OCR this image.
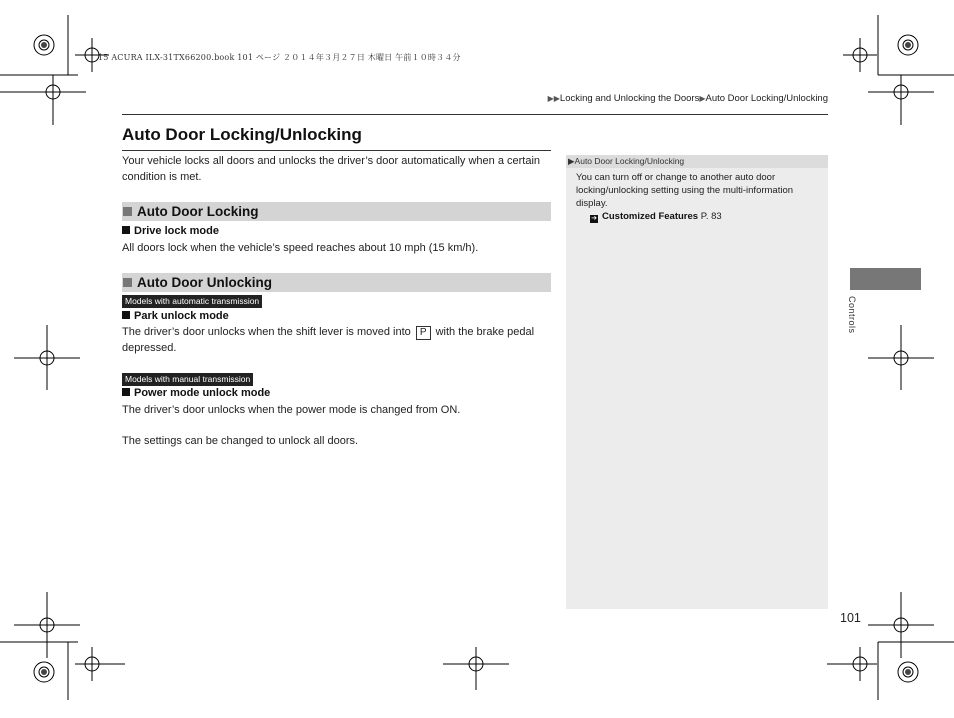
15 ACURA ILX-31TX66200.book 101 ページ ２０１４年３月２７日 木曜日 午前１０時３４分
▶▶Locking and Unlocking the Doors▶Auto Door Locking/Unlocking
Auto Door Locking/Unlocking
Your vehicle locks all doors and unlocks the driver’s door automatically when a certain condition is met.
Auto Door Locking
Drive lock mode
All doors lock when the vehicle’s speed reaches about 10 mph (15 km/h).
Auto Door Unlocking
Models with automatic transmission
Park unlock mode
The driver’s door unlocks when the shift lever is moved into P with the brake pedal depressed.
Models with manual transmission
Power mode unlock mode
The driver’s door unlocks when the power mode is changed from ON.
The settings can be changed to unlock all doors.
▶Auto Door Locking/Unlocking
You can turn off or change to another auto door locking/unlocking setting using the multi-information display.
➔ Customized Features P. 83
Controls
101
